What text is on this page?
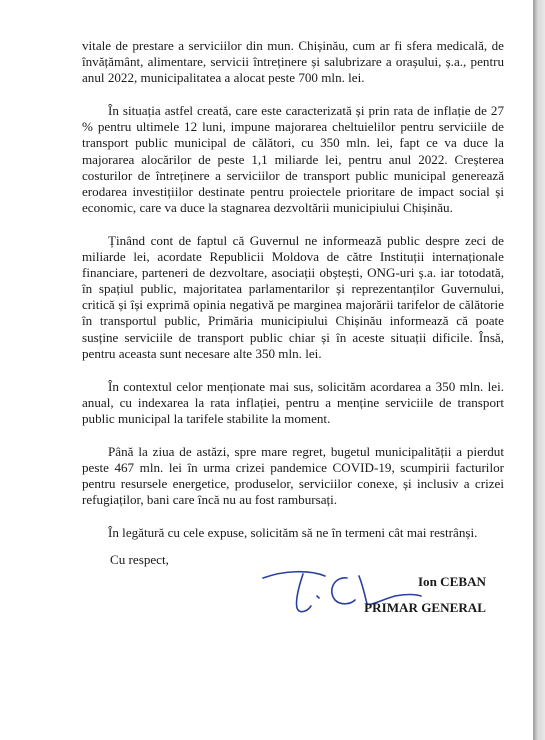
vitale de prestare a serviciilor din mun. Chișinău, cum ar fi sfera medicală, de învățământ, alimentare, servicii întreținere și salubrizare a orașului, ș.a., pentru anul 2022, municipalitatea a alocat peste 700 mln. lei.

În situația astfel creată, care este caracterizată și prin rata de inflație de 27 % pentru ultimele 12 luni, impune majorarea cheltuielilor pentru serviciile de transport public municipal de călători, cu 350 mln. lei, fapt ce va duce la majorarea alocărilor de peste 1,1 miliarde lei, pentru anul 2022. Creșterea costurilor de întreținere a serviciilor de transport public municipal generează erodarea investițiilor destinate pentru proiectele prioritare de impact social și economic, care va duce la stagnarea dezvoltării municipiului Chișinău.

Ținând cont de faptul că Guvernul ne informează public despre zeci de miliarde lei, acordate Republicii Moldova de către Instituții internaționale financiare, parteneri de dezvoltare, asociații obștești, ONG-uri ș.a. iar totodată, în spațiul public, majoritatea parlamentarilor și reprezentanților Guvernului, critică și își exprimă opinia negativă pe marginea majorării tarifelor de călătorie în transportul public, Primăria municipiului Chișinău informează că poate susține serviciile de transport public chiar și în aceste situații dificile. Însă, pentru aceasta sunt necesare alte 350 mln. lei.

În contextul celor menționate mai sus, solicităm acordarea a 350 mln. lei. anual, cu indexarea la rata inflației, pentru a menține serviciile de transport public municipal la tarifele stabilite la moment.

Până la ziua de astăzi, spre mare regret, bugetul municipalității a pierdut peste 467 mln. lei în urma crizei pandemice COVID-19, scumpirii facturilor pentru resursele energetice, produselor, serviciilor conexe, și inclusiv a crizei refugiaților, bani care încă nu au fost rambursați.

În legătură cu cele expuse, solicităm să ne în termeni cât mai restrânși.

Cu respect,
Ion CEBAN
PRIMAR GENERAL
